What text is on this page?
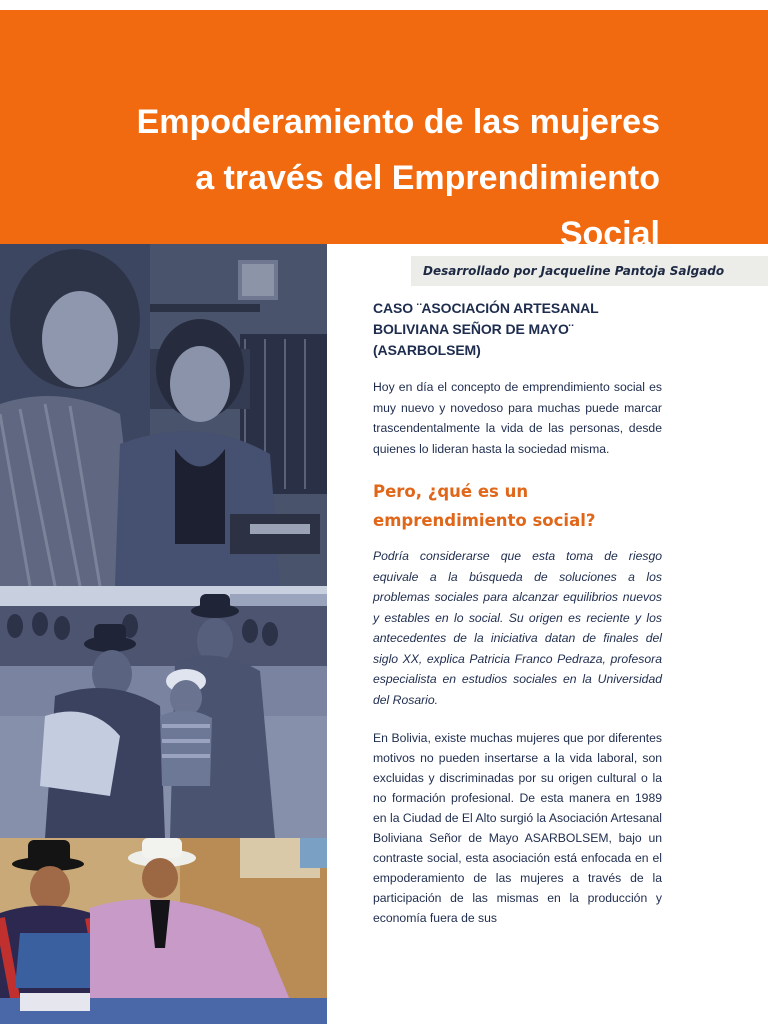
Empoderamiento de las mujeres
a través del Emprendimiento
Social
Desarrollado por Jacqueline Pantoja Salgado
CASO ¨ASOCIACIÓN ARTESANAL BOLIVIANA SEÑOR DE MAYO¨ (ASARBOLSEM)

Hoy en día el concepto de emprendimiento social es muy nuevo y novedoso para muchas puede marcar trascendentalmente la vida de las personas, desde quienes lo lideran hasta la sociedad misma.

Pero, ¿qué es un emprendimiento social?

Podría considerarse que esta toma de riesgo equivale a la búsqueda de soluciones a los problemas sociales para alcanzar equilibrios nuevos y estables en lo social. Su origen es reciente y los antecedentes de la iniciativa datan de finales del siglo XX, explica Patricia Franco Pedraza, profesora especialista en estudios sociales en la Universidad del Rosario.

En Bolivia, existe muchas mujeres que por diferentes motivos no pueden insertarse a la vida laboral, son excluidas y discriminadas por su origen cultural o la no formación profesional. De esta manera en 1989 en la Ciudad de El Alto surgió la Asociación Artesanal Boliviana Señor de Mayo ASARBOLSEM, bajo un contraste social, esta asociación está enfocada en el empoderamiento de las mujeres a través de la participación de las mismas en la producción y economía fuera de sus
